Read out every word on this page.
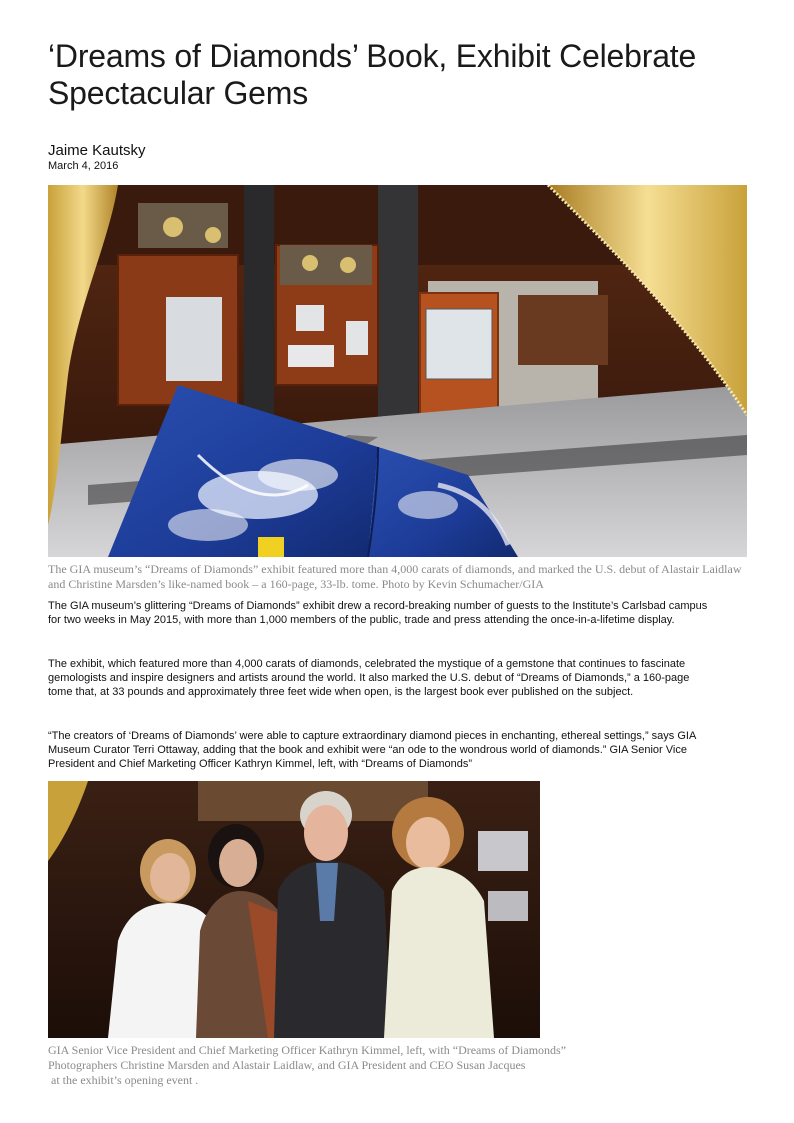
‘Dreams of Diamonds’ Book, Exhibit Celebrate Spectacular Gems
Jaime Kautsky
March 4, 2016
The GIA museum’s “Dreams of Diamonds” exhibit featured more than 4,000 carats of diamonds, and marked the U.S. debut of Alastair Laidlaw and Christine Marsden’s like-named book – a 160-page, 33-lb. tome. Photo by Kevin Schumacher/GIA

The GIA museum’s glittering “Dreams of Diamonds” exhibit drew a record-breaking number of guests to the Institute’s Carlsbad campus for two weeks in May 2015, with more than 1,000 members of the public, trade and press attending the once-in-a-lifetime display.

The exhibit, which featured more than 4,000 carats of diamonds, celebrated the mystique of a gemstone that continues to fascinate gemologists and inspire designers and artists around the world. It also marked the U.S. debut of “Dreams of Diamonds,” a 160-page tome that, at 33 pounds and approximately three feet wide when open, is the largest book ever published on the subject.

“The creators of ‘Dreams of Diamonds’ were able to capture extraordinary diamond pieces in enchanting, ethereal settings,” says GIA Museum Curator Terri Ottaway, adding that the book and exhibit were “an ode to the wondrous world of diamonds.” GIA Senior Vice President and Chief Marketing Officer Kathryn Kimmel, left, with “Dreams of Diamonds”

GIA Senior Vice President and Chief Marketing Officer Kathryn Kimmel, left, with “Dreams of Diamonds”
Photographers Christine Marsden and Alastair Laidlaw, and GIA President and CEO Susan Jacques
at the exhibit’s opening event .
